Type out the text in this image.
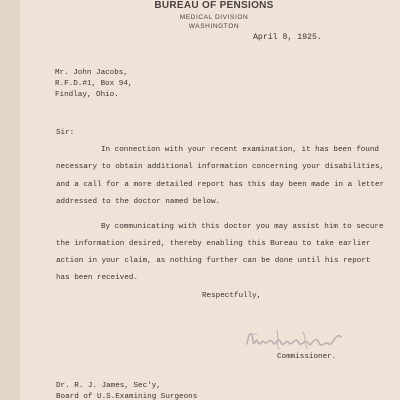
BUREAU OF PENSIONS
MEDICAL DIVISION
WASHINGTON
April 8, 1925.
Mr. John Jacobs,
R.F.D.#1, Box 94,
Findlay, Ohio.
Sir:
In connection with your recent examination, it has been found
necessary to obtain additional information concerning your disabilities,
and a call for a more detailed report has this day been made in a letter
addressed to the doctor named below.
By communicating with this doctor you may assist him to secure
the information desired, thereby enabling this Bureau to take earlier
action in your claim, as nothing further can be done until his report
has been received.
Respectfully,
Commissioner.
Dr. R. J. James, Sec'y,
Board of U.S.Examining Surgeons
